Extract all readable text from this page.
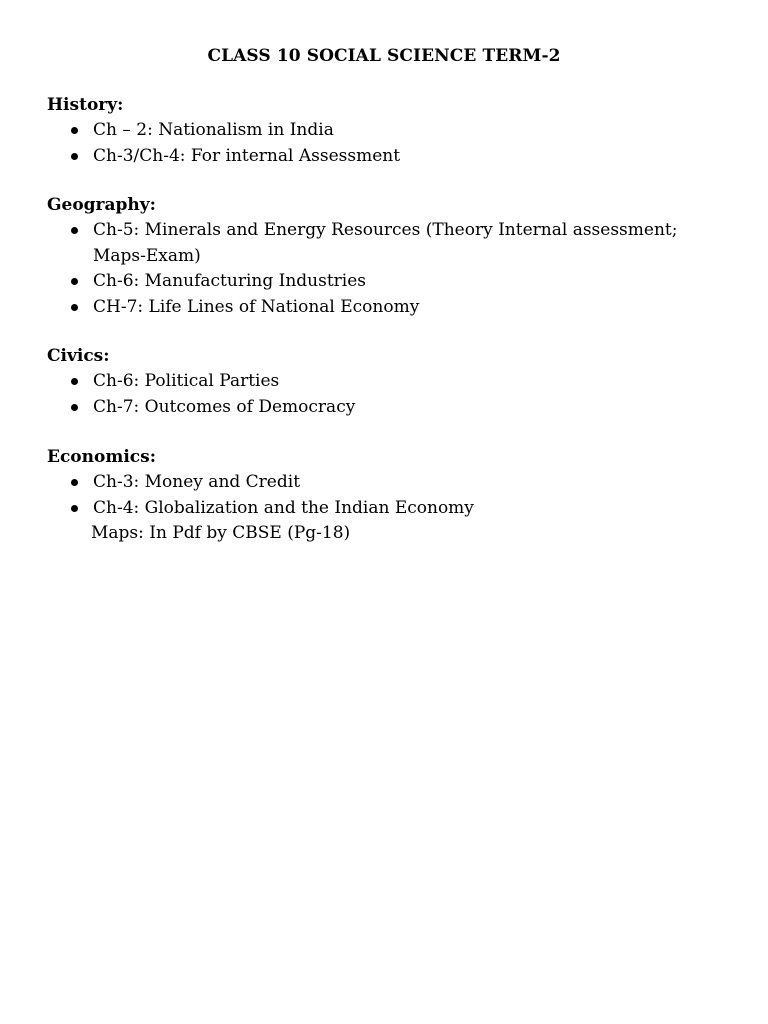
CLASS 10 SOCIAL SCIENCE TERM-2
History:
Ch – 2: Nationalism in India
Ch-3/Ch-4: For internal Assessment
Geography:
Ch-5: Minerals and Energy Resources (Theory Internal assessment; Maps-Exam)
Ch-6: Manufacturing Industries
CH-7: Life Lines of National Economy
Civics:
Ch-6: Political Parties
Ch-7: Outcomes of Democracy
Economics:
Ch-3: Money and Credit
Ch-4: Globalization and the Indian Economy
Maps: In Pdf by CBSE (Pg-18)
